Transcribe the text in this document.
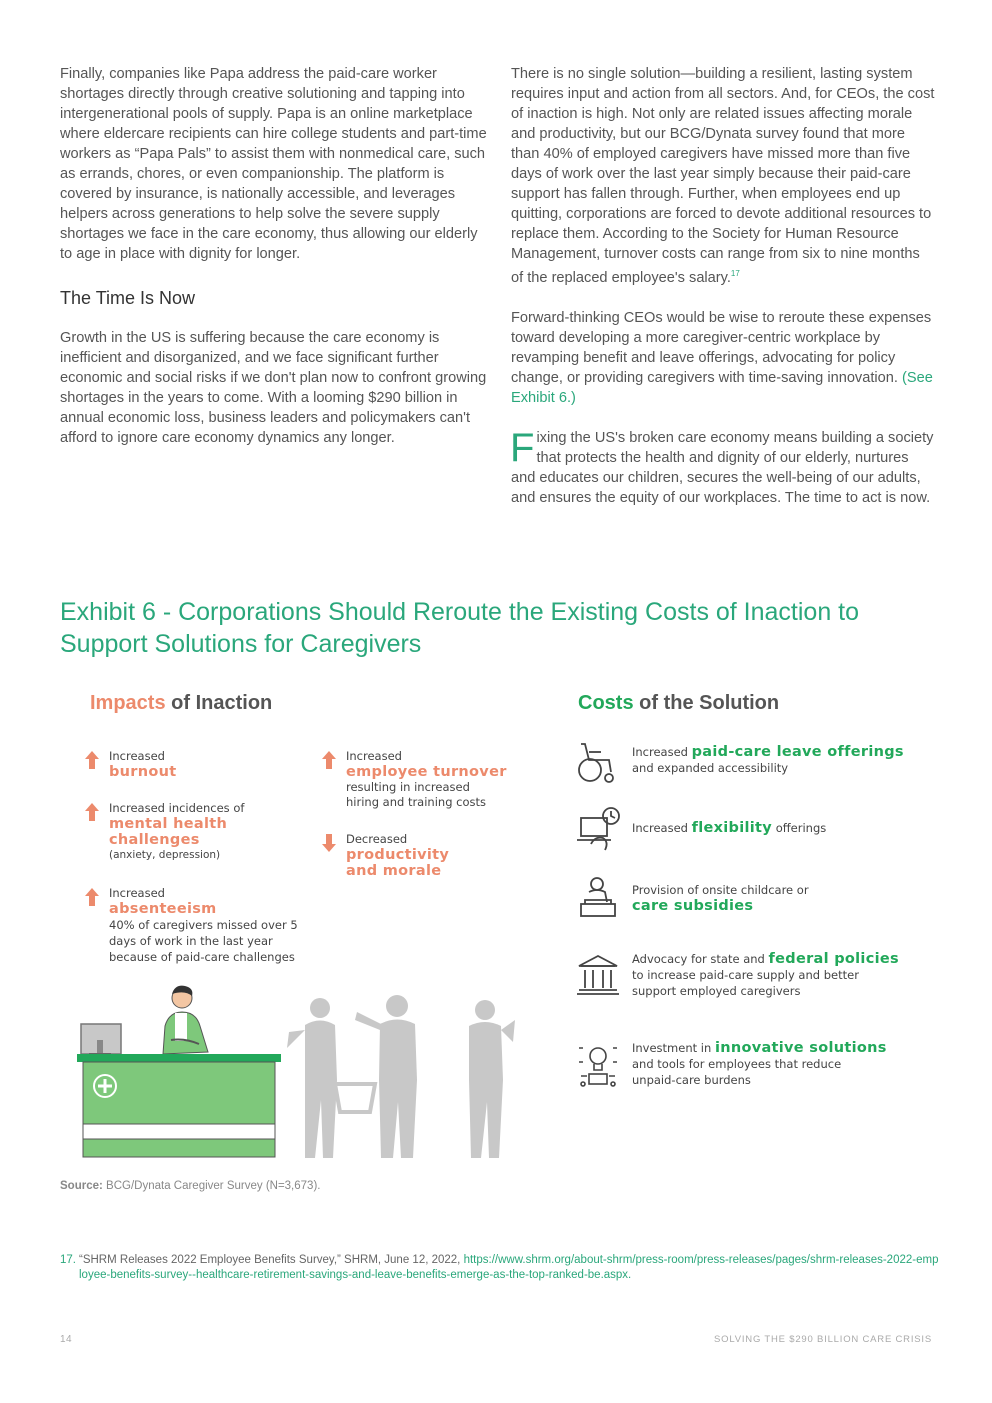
Finally, companies like Papa address the paid-care worker shortages directly through creative solutioning and tapping into intergenerational pools of supply. Papa is an online marketplace where eldercare recipients can hire college students and part-time workers as “Papa Pals” to assist them with nonmedical care, such as errands, chores, or even companionship. The platform is covered by insurance, is nationally accessible, and leverages helpers across generations to help solve the severe supply shortages we face in the care economy, thus allowing our elderly to age in place with dignity for longer.

The Time Is Now

Growth in the US is suffering because the care economy is inefficient and disorganized, and we face significant further economic and social risks if we don't plan now to confront growing shortages in the years to come. With a looming $290 billion in annual economic loss, business leaders and policymakers can't afford to ignore care economy dynamics any longer.

There is no single solution—building a resilient, lasting system requires input and action from all sectors. And, for CEOs, the cost of inaction is high. Not only are related issues affecting morale and productivity, but our BCG/Dynata survey found that more than 40% of employed caregivers have missed more than five days of work over the last year simply because their paid-care support has fallen through. Further, when employees end up quitting, corporations are forced to devote additional resources to replace them. According to the Society for Human Resource Management, turnover costs can range from six to nine months of the replaced employee's salary.$^{17}$

Forward-thinking CEOs would be wise to reroute these expenses toward developing a more caregiver-centric workplace by revamping benefit and leave offerings, advocating for policy change, or providing caregivers with time-saving innovation. (See Exhibit 6.)

Fixing the US's broken care economy means building a society that protects the health and dignity of our elderly, nurtures and educates our children, secures the well-being of our adults, and ensures the equity of our workplaces. The time to act is now.

Exhibit 6 - Corporations Should Reroute the Existing Costs of Inaction to Support Solutions for Caregivers
Impacts of Inaction	Costs of the Solution
Increased
burnout
Increased incidences of
mental health challenges
(anxiety, depression)
Increased
absenteeism
40% of caregivers missed over 5 days of work in the last year because of paid-care challenges
Increased
employee turnover
resulting in increased hiring and training costs
Decreased
productivity and morale
Increased paid-care leave offerings
and expanded accessibility
Increased flexibility offerings
Provision of onsite childcare or
care subsidies
Advocacy for state and federal policies
to increase paid-care supply and better support employed caregivers
Investment in innovative solutions
and tools for employees that reduce unpaid-care burdens
Source: BCG/Dynata Caregiver Survey (N=3,673).
17. “SHRM Releases 2022 Employee Benefits Survey,” SHRM, June 12, 2022, https://www.shrm.org/about-shrm/press-room/press-releases/pages/shrm-releases-2022-employee-benefits-survey--healthcare-retirement-savings-and-leave-benefits-emerge-as-the-top-ranked-be.aspx.
14	SOLVING THE $290 BILLION CARE CRISIS
